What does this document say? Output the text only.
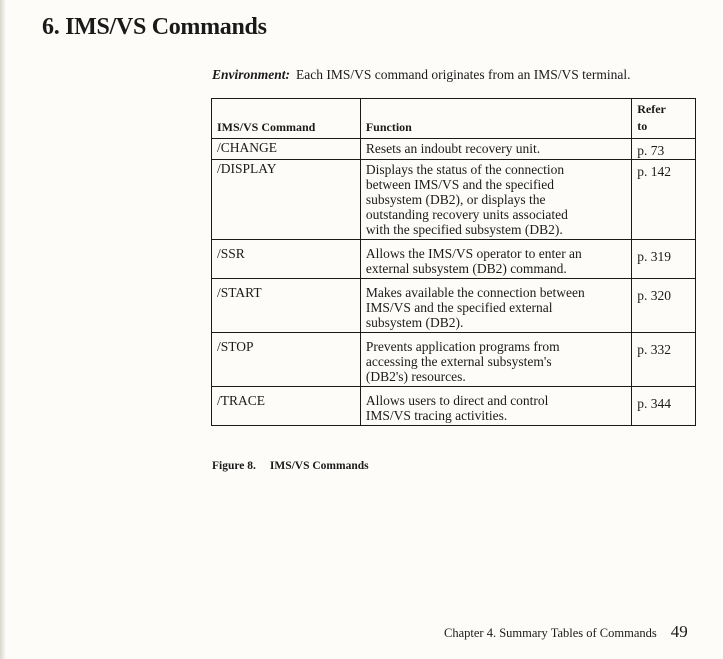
6. IMS/VS Commands
Environment: Each IMS/VS command originates from an IMS/VS terminal.
IMS/VS Command	Function	Refer
to

/CHANGE	Resets an indoubt recovery unit.	p. 73
/DISPLAY	Displays the status of the connection
between IMS/VS and the specified
subsystem (DB2), or displays the
outstanding recovery units associated
with the specified subsystem (DB2).	p. 142
/SSR	Allows the IMS/VS operator to enter an
external subsystem (DB2) command.	p. 319
/START	Makes available the connection between
IMS/VS and the specified external
subsystem (DB2).	p. 320
/STOP	Prevents application programs from
accessing the external subsystem's
(DB2's) resources.	p. 332
/TRACE	Allows users to direct and control
IMS/VS tracing activities.	p. 344
Figure 8. IMS/VS Commands
Chapter 4. Summary Tables of Commands 49
